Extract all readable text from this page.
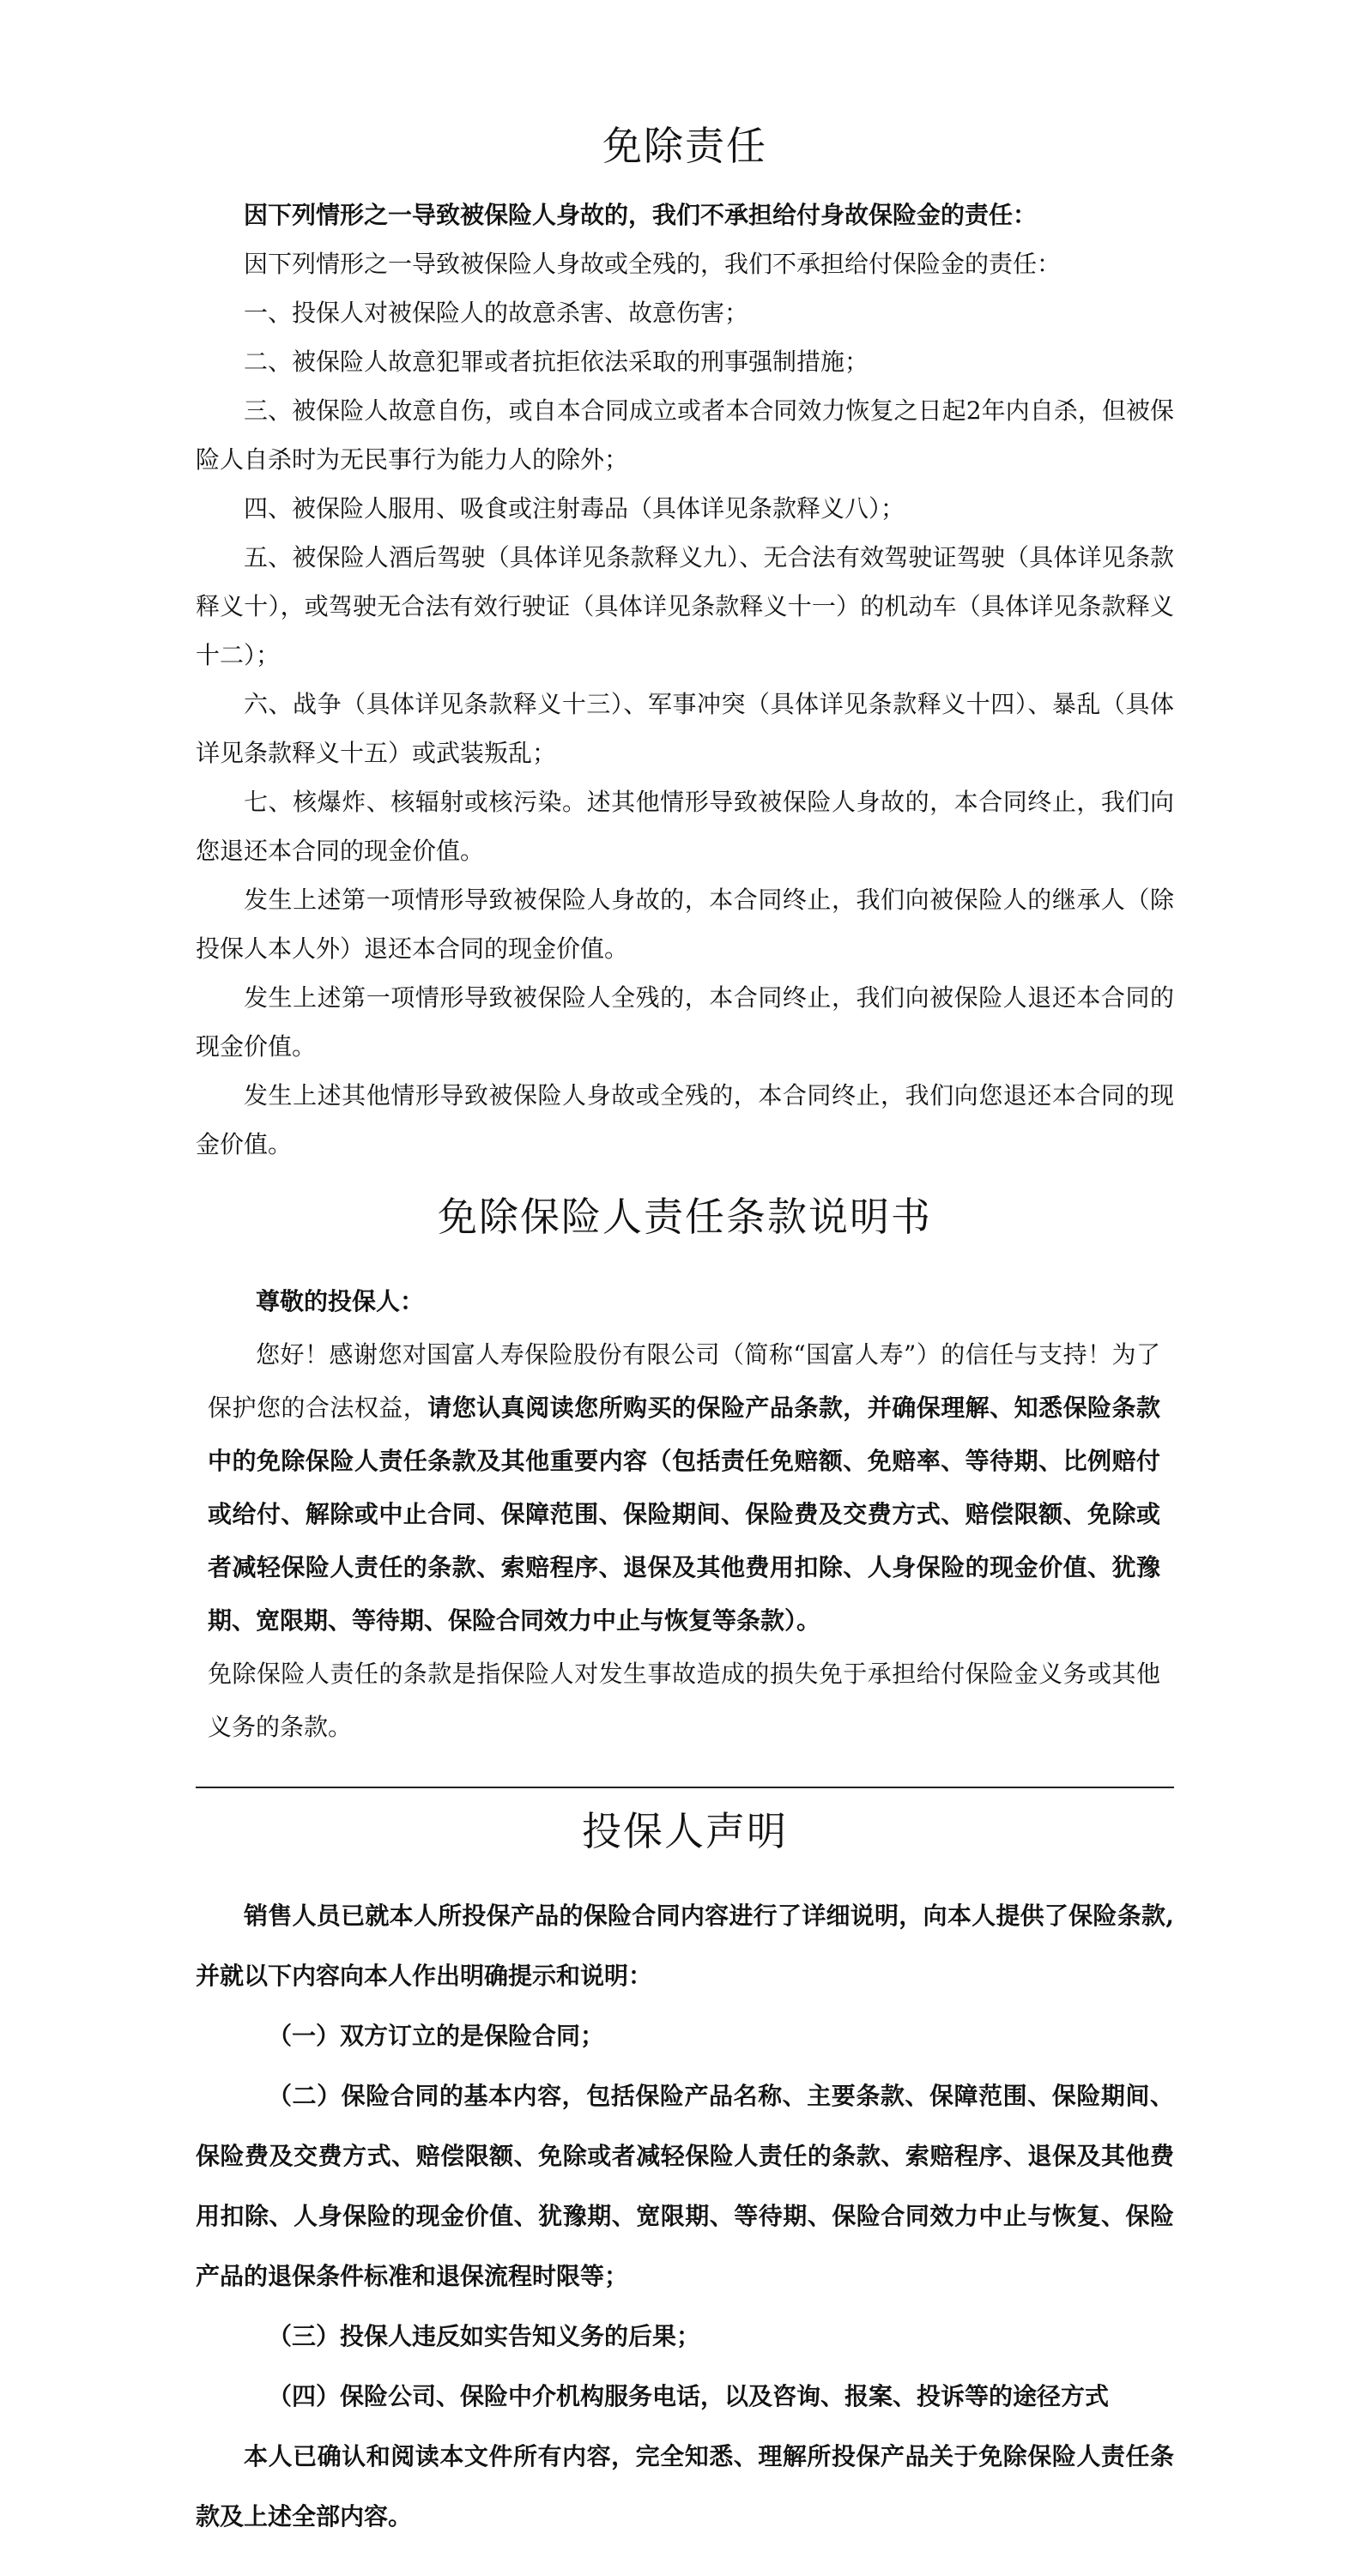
免除责任

因下列情形之一导致被保险人身故的，我们不承担给付身故保险金的责任：

因下列情形之一导致被保险人身故或全残的，我们不承担给付保险金的责任：

一、投保人对被保险人的故意杀害、故意伤害；

二、被保险人故意犯罪或者抗拒依法采取的刑事强制措施；

三、被保险人故意自伤，或自本合同成立或者本合同效力恢复之日起2年内自杀，但被保险人自杀时为无民事行为能力人的除外；

四、被保险人服用、吸食或注射毒品（具体详见条款释义八）；

五、被保险人酒后驾驶（具体详见条款释义九）、无合法有效驾驶证驾驶（具体详见条款释义十），或驾驶无合法有效行驶证（具体详见条款释义十一）的机动车（具体详见条款释义十二）；

六、战争（具体详见条款释义十三）、军事冲突（具体详见条款释义十四）、暴乱（具体详见条款释义十五）或武装叛乱；

七、核爆炸、核辐射或核污染。述其他情形导致被保险人身故的，本合同终止，我们向您退还本合同的现金价值。

发生上述第一项情形导致被保险人身故的，本合同终止，我们向被保险人的继承人（除投保人本人外）退还本合同的现金价值。

发生上述第一项情形导致被保险人全残的，本合同终止，我们向被保险人退还本合同的现金价值。

发生上述其他情形导致被保险人身故或全残的，本合同终止，我们向您退还本合同的现金价值。

免除保险人责任条款说明书

尊敬的投保人：

您好！感谢您对国富人寿保险股份有限公司（简称“国富人寿”）的信任与支持！为了保护您的合法权益，请您认真阅读您所购买的保险产品条款，并确保理解、知悉保险条款中的免除保险人责任条款及其他重要内容（包括责任免赔额、免赔率、等待期、比例赔付或给付、解除或中止合同、保障范围、保险期间、保险费及交费方式、赔偿限额、免除或者减轻保险人责任的条款、索赔程序、退保及其他费用扣除、人身保险的现金价值、犹豫期、宽限期、等待期、保险合同效力中止与恢复等条款）。

免除保险人责任的条款是指保险人对发生事故造成的损失免于承担给付保险金义务或其他义务的条款。

投保人声明

销售人员已就本人所投保产品的保险合同内容进行了详细说明，向本人提供了保险条款,并就以下内容向本人作出明确提示和说明：

（一）双方订立的是保险合同；

（二）保险合同的基本内容，包括保险产品名称、主要条款、保障范围、保险期间、保险费及交费方式、赔偿限额、免除或者减轻保险人责任的条款、索赔程序、退保及其他费用扣除、人身保险的现金价值、犹豫期、宽限期、等待期、保险合同效力中止与恢复、保险产品的退保条件标准和退保流程时限等；

（三）投保人违反如实告知义务的后果；

（四）保险公司、保险中介机构服务电话，以及咨询、报案、投诉等的途径方式

本人已确认和阅读本文件所有内容，完全知悉、理解所投保产品关于免除保险人责任条款及上述全部内容。
